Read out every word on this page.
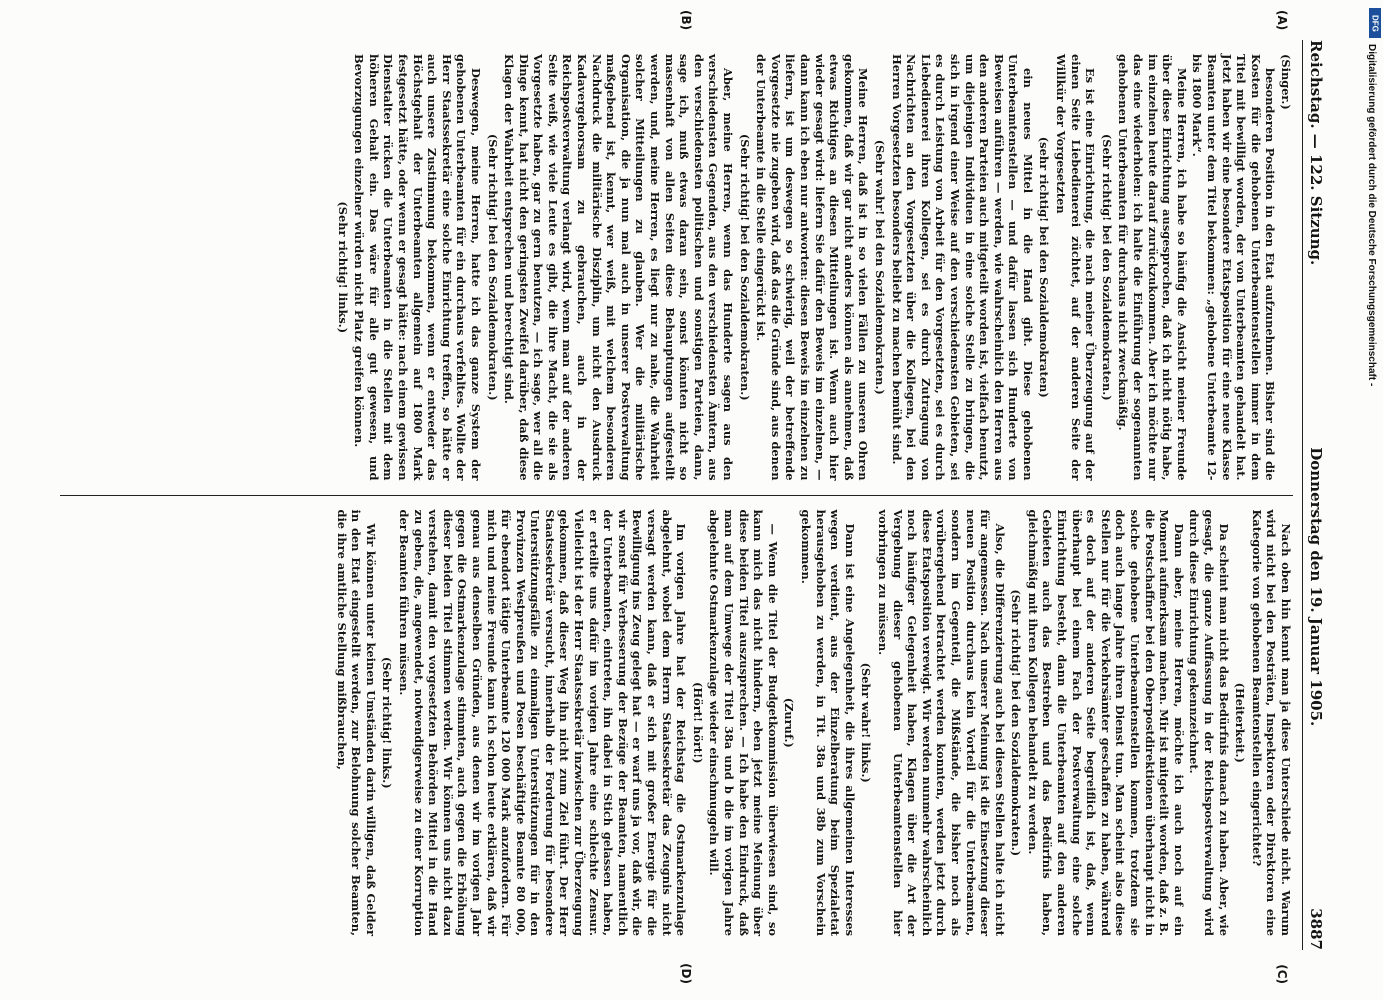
Reichstag. — 122. Sitzung.
Donnerstag den 19. Januar 1905.
3887

(Singer.)

besonderen Position in den Etat aufzunehmen. Bisher sind die Kosten für die gehobenen Unterbeamtenstellen immer in dem Titel mit bewilligt worden, der von Unterbeamten gehandelt hat. Jetzt haben wir eine besondere Etatsposition für eine neue Klasse Beamten unter dem Titel bekommen: „gehobene Unterbeamte 12- bis 1800 Mark“.

Meine Herren, ich habe so häufig die Ansicht meiner Freunde über diese Einrichtung ausgesprochen, daß ich nicht nötig habe, im einzelnen heute darauf zurückzukommen. Aber ich möchte nur das eine wiederholen: ich halte die Einführung der sogenannten gehobenen Unterbeamten für durchaus nicht zweckmäßig.

(Sehr richtig! bei den Sozialdemokraten.)

Es ist eine Einrichtung, die nach meiner Überzeugung auf der einen Seite Liebedienerei züchtet, auf der anderen Seite der Willkür der Vorgesetzten

(sehr richtig! bei den Sozialdemokraten)

ein neues Mittel in die Hand gibt. Diese gehobenen Unterbeamtenstellen — und dafür lassen sich Hunderte von Beweisen anführen — werden, wie wahrscheinlich den Herren aus den anderen Parteien auch mitgeteilt worden ist, vielfach benutzt, um diejenigen Individuen in eine solche Stelle zu bringen, die sich in irgend einer Weise auf den verschiedensten Gebieten, sei es durch Leistung von Arbeit für den Vorgesetzten, sei es durch Liebedienerei ihren Kollegen, sei es durch Zutragung von Nachrichten an den Vorgesetzten über die Kollegen, bei den Herren Vorgesetzten besonders beliebt zu machen bemüht sind.

(Sehr wahr! bei den Sozialdemokraten.)

Meine Herren, daß ist in so vielen Fällen zu unseren Ohren gekommen, daß wir gar nicht anders können als annehmen, daß etwas Richtiges an diesen Mitteilungen ist. Wenn auch hier wieder gesagt wird: liefern Sie dafür den Beweis im einzelnen, — dann kann ich eben nur antworten: diesen Beweis im einzelnen zu liefern, ist um deswegen so schwierig, weil der betreffende Vorgesetzte nie zugeben wird, daß das die Gründe sind, aus denen der Unterbeamte in die Stelle eingerückt ist.

(Sehr richtig! bei den Sozialdemokraten.)

Aber, meine Herren, wenn das Hunderte sagen aus den verschiedensten Gegenden, aus den verschiedensten Ämtern, aus den verschiedensten politischen und sonstigen Parteien, dann, sage ich, muß etwas daran sein, sonst könnten nicht so massenhaft von allen Seiten diese Behauptungen aufgestellt werden, und, meine Herren, es liegt nur zu nahe, die Wahrheit solcher Mitteilungen zu glauben. Wer die militärische Organisation, die ja nun mal auch in unserer Postverwaltung maßgebend ist, kennt, wer weiß, mit welchem besonderen Nachdruck die militärische Disziplin, um nicht den Ausdruck Kadavergehorsam zu gebrauchen, auch in der Reichspostverwaltung verlangt wird, wenn man auf der anderen Seite weiß, wie viele Leute es gibt, die ihre Macht, die sie als Vorgesetzte haben, gar zu gern benutzen, — ich sage, wer all die Dinge kennt, hat nicht den geringsten Zweifel darüber, daß diese Klagen der Wahrheit entsprechen und berechtigt sind.

(Sehr richtig! bei den Sozialdemokraten.)

Deswegen, meine Herren, hatte ich das ganze System der gehobenen Unterbeamten für ein durchaus verfehltes. Wollte der Herr Staatssekretär eine solche Einrichtung treffen, so hätte er auch unsere Zustimmung bekommen, wenn er entweder das Höchstgehalt der Unterbeamten allgemein auf 1800 Mark festgesetzt hätte, oder wenn er gesagt hätte: nach einem gewissen Dienstalter rücken die Unterbeamten in die Stellen mit dem höheren Gehalt ein. Das wäre für alle gut gewesen, und Bevorzugungen einzelner würden nicht Platz greifen können.

(Sehr richtig! links.)

Nach oben hin kennt man ja diese Unterschiede nicht. Warum wird nicht bei den Posträten, Inspektoren oder Direktoren eine Kategorie von gehobenen Beamtenstellen eingerichtet?

(Heiterkeit.)

Da scheint man nicht das Bedürfnis danach zu haben. Aber, wie gesagt, die ganze Auffassung in der Reichspostverwaltung wird durch diese Einrichtung gekennzeichnet.

Dann aber, meine Herren, möchte ich auch noch auf ein Moment aufmerksam machen. Mir ist mitgeteilt worden, daß z. B. die Postschaffner bei den Oberpostdirektionen überhaupt nicht in solche gehobene Unterbeamtenstellen kommen, trotzdem sie doch auch lange Jahre ihren Dienst tun. Man scheint also diese Stellen nur für die Verkehrsämter geschaffen zu haben, während es doch auf der anderen Seite begreiflich ist, daß, wenn überhaupt bei einem Fach der Postverwaltung eine solche Einrichtung besteht, dann die Unterbeamten auf den anderen Gebieten auch das Bestreben und das Bedürfnis haben, gleichmäßig mit ihren Kollegen behandelt zu werden.

(Sehr richtig! bei den Sozialdemokraten.)

Also, die Differenzierung auch bei diesen Stellen halte ich nicht für angemessen. Nach unserer Meinung ist die Einsetzung dieser neuen Position durchaus kein Vorteil für die Unterbeamten, sondern im Gegenteil, die Mißstände, die bisher noch als vorübergehend betrachtet werden konnten, werden jetzt durch diese Etatsposition verewigt. Wir werden nunmehr wahrscheinlich noch häufiger Gelegenheit haben, Klagen über die Art der Vergebung dieser gehobenen Unterbeamtenstellen hier vorbringen zu müssen.

(Sehr wahr! links.)

Dann ist eine Angelegenheit, die ihres allgemeinen Interesses wegen verdient, aus der Einzelberatung beim Spezialetat herausgehoben zu werden, in Tit. 38a und 38b zum Vorschein gekommen.

(Zuruf.)

— Wenn die Titel der Budgetkommission überwiesen sind, so kann mich das nicht hindern, eben jetzt meine Meinung über diese beiden Titel auszusprechen. — Ich habe den Eindruck, daß man auf dem Umwege der Titel 38a und b die im vorigen Jahre abgelehnte Ostmarkenzulage wieder einschmuggeln will.

(Hört! hört!)

Im vorigen Jahre hat der Reichstag die Ostmarkenzulage abgelehnt, wobei dem Herrn Staatssekretär das Zeugnis nicht versagt werden kann, daß er sich mit großer Energie für die Bewilligung ins Zeug gelegt hat — er warf uns ja vor, daß wir, die wir sonst für Verbesserung der Bezüge der Beamten, namentlich der Unterbeamten, eintreten, ihn dabei in Stich gelassen haben, er erteilte uns dafür im vorigen Jahre eine schlechte Zensur. Vielleicht ist der Herr Staatssekretär inzwischen zur Überzeugung gekommen, daß dieser Weg ihn nicht zum Ziel führt. Der Herr Staatssekretär versucht, innerhalb der Forderung für besondere Unterstützungsfälle zu einmaligen Unterstützungen für in den Provinzen Westpreußen und Posen beschäftigte Beamte 80 000, für ebendort tätige Unterbeamte 120 000 Mark anzufordern. Für mich und meine Freunde kann ich schon heute erklären, daß wir genau aus denselben Gründen, aus denen wir im vorigen Jahr gegen die Ostmarkenzulage stimmten, auch gegen die Erhöhung dieser beiden Titel stimmen werden. Wir können uns nicht dazu verstehen, damit den vorgesetzten Behörden Mittel in die Hand zu geben, die, angewendet, notwendigerweise zu einer Korruption der Beamten führen müssen.

(Sehr richtig! links.)

Wir können unter keinen Umständen darin willigen, daß Gelder in den Etat eingestellt werden, zur Belohnung solcher Beamten, die ihre amtliche Stellung mißbrauchen,

(A)
(B)
(C)
(D)
DFG
Digitalisierung gefördert durch die Deutsche Forschungsgemeinschaft -
